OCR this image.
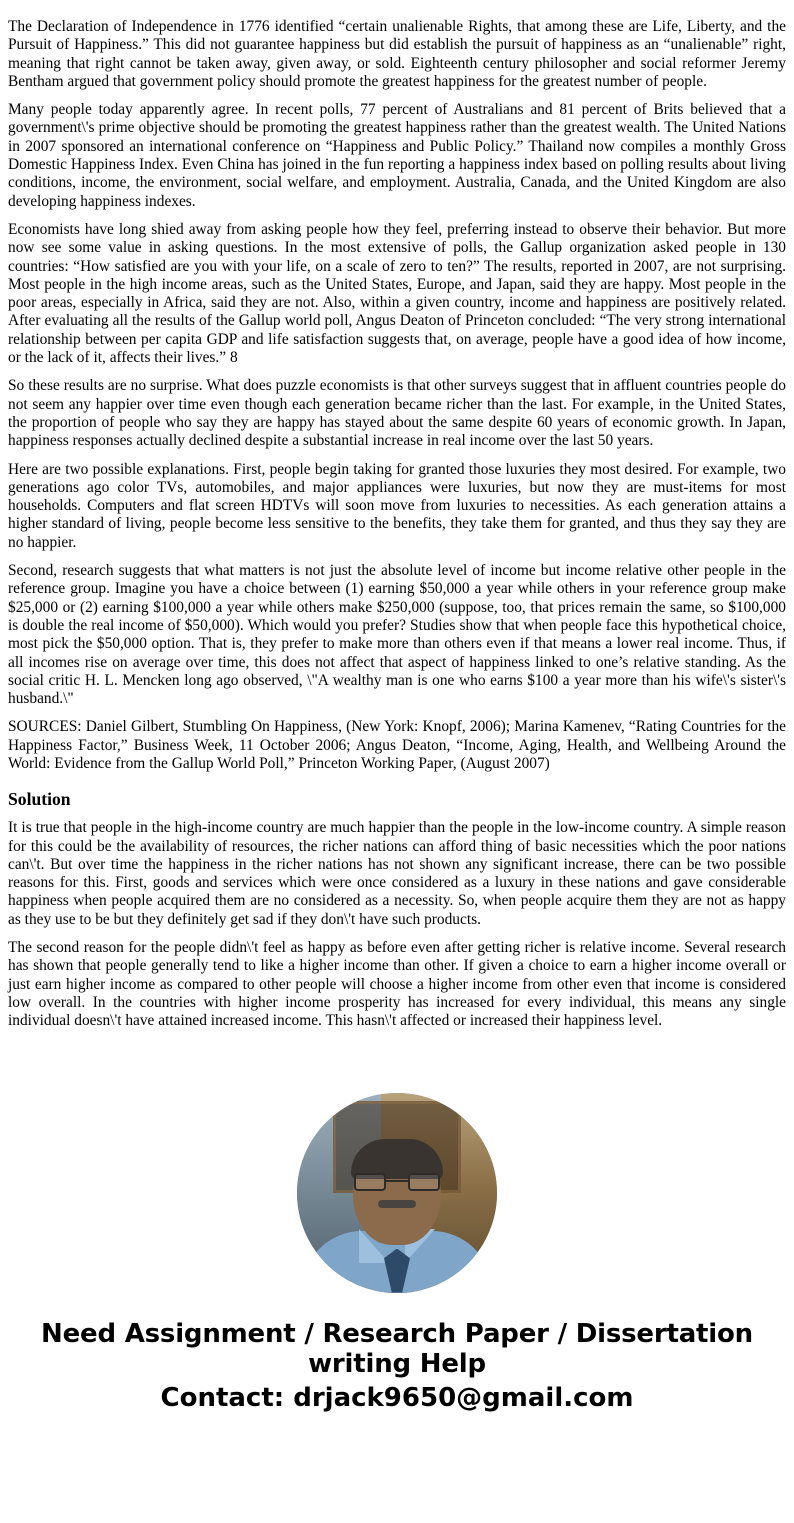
The Declaration of Independence in 1776 identified “certain unalienable Rights, that among these are Life, Liberty, and the Pursuit of Happiness.” This did not guarantee happiness but did establish the pursuit of happiness as an “unalienable” right, meaning that right cannot be taken away, given away, or sold. Eighteenth century philosopher and social reformer Jeremy Bentham argued that government policy should promote the greatest happiness for the greatest number of people.

Many people today apparently agree. In recent polls, 77 percent of Australians and 81 percent of Brits believed that a government\'s prime objective should be promoting the greatest happiness rather than the greatest wealth. The United Nations in 2007 sponsored an international conference on “Happiness and Public Policy.” Thailand now compiles a monthly Gross Domestic Happiness Index. Even China has joined in the fun reporting a happiness index based on polling results about living conditions, income, the environment, social welfare, and employment. Australia, Canada, and the United Kingdom are also developing happiness indexes.

Economists have long shied away from asking people how they feel, preferring instead to observe their behavior. But more now see some value in asking questions. In the most extensive of polls, the Gallup organization asked people in 130 countries: “How satisfied are you with your life, on a scale of zero to ten?” The results, reported in 2007, are not surprising. Most people in the high income areas, such as the United States, Europe, and Japan, said they are happy. Most people in the poor areas, especially in Africa, said they are not. Also, within a given country, income and happiness are positively related. After evaluating all the results of the Gallup world poll, Angus Deaton of Princeton concluded: “The very strong international relationship between per capita GDP and life satisfaction suggests that, on average, people have a good idea of how income, or the lack of it, affects their lives.” 8

So these results are no surprise. What does puzzle economists is that other surveys suggest that in affluent countries people do not seem any happier over time even though each generation became richer than the last. For example, in the United States, the proportion of people who say they are happy has stayed about the same despite 60 years of economic growth. In Japan, happiness responses actually declined despite a substantial increase in real income over the last 50 years.

Here are two possible explanations. First, people begin taking for granted those luxuries they most desired. For example, two generations ago color TVs, automobiles, and major appliances were luxuries, but now they are must-items for most households. Computers and flat screen HDTVs will soon move from luxuries to necessities. As each generation attains a higher standard of living, people become less sensitive to the benefits, they take them for granted, and thus they say they are no happier.

Second, research suggests that what matters is not just the absolute level of income but income relative other people in the reference group. Imagine you have a choice between (1) earning $50,000 a year while others in your reference group make $25,000 or (2) earning $100,000 a year while others make $250,000 (suppose, too, that prices remain the same, so $100,000 is double the real income of $50,000). Which would you prefer? Studies show that when people face this hypothetical choice, most pick the $50,000 option. That is, they prefer to make more than others even if that means a lower real income. Thus, if all incomes rise on average over time, this does not affect that aspect of happiness linked to one’s relative standing. As the social critic H. L. Mencken long ago observed, \"A wealthy man is one who earns $100 a year more than his wife\'s sister\'s husband.\"

SOURCES: Daniel Gilbert, Stumbling On Happiness, (New York: Knopf, 2006); Marina Kamenev, “Rating Countries for the Happiness Factor,” Business Week, 11 October 2006; Angus Deaton, “Income, Aging, Health, and Wellbeing Around the World: Evidence from the Gallup World Poll,” Princeton Working Paper, (August 2007)

Solution

It is true that people in the high-income country are much happier than the people in the low-income country. A simple reason for this could be the availability of resources, the richer nations can afford thing of basic necessities which the poor nations can\'t. But over time the happiness in the richer nations has not shown any significant increase, there can be two possible reasons for this. First, goods and services which were once considered as a luxury in these nations and gave considerable happiness when people acquired them are no considered as a necessity. So, when people acquire them they are not as happy as they use to be but they definitely get sad if they don\'t have such products.

The second reason for the people didn\'t feel as happy as before even after getting richer is relative income. Several research has shown that people generally tend to like a higher income than other. If given a choice to earn a higher income overall or just earn higher income as compared to other people will choose a higher income from other even that income is considered low overall. In the countries with higher income prosperity has increased for every individual, this means any single individual doesn\'t have attained increased income. This hasn\'t affected or increased their happiness level.

Need Assignment / Research Paper / Dissertation
writing Help
Contact: drjack9650@gmail.com
